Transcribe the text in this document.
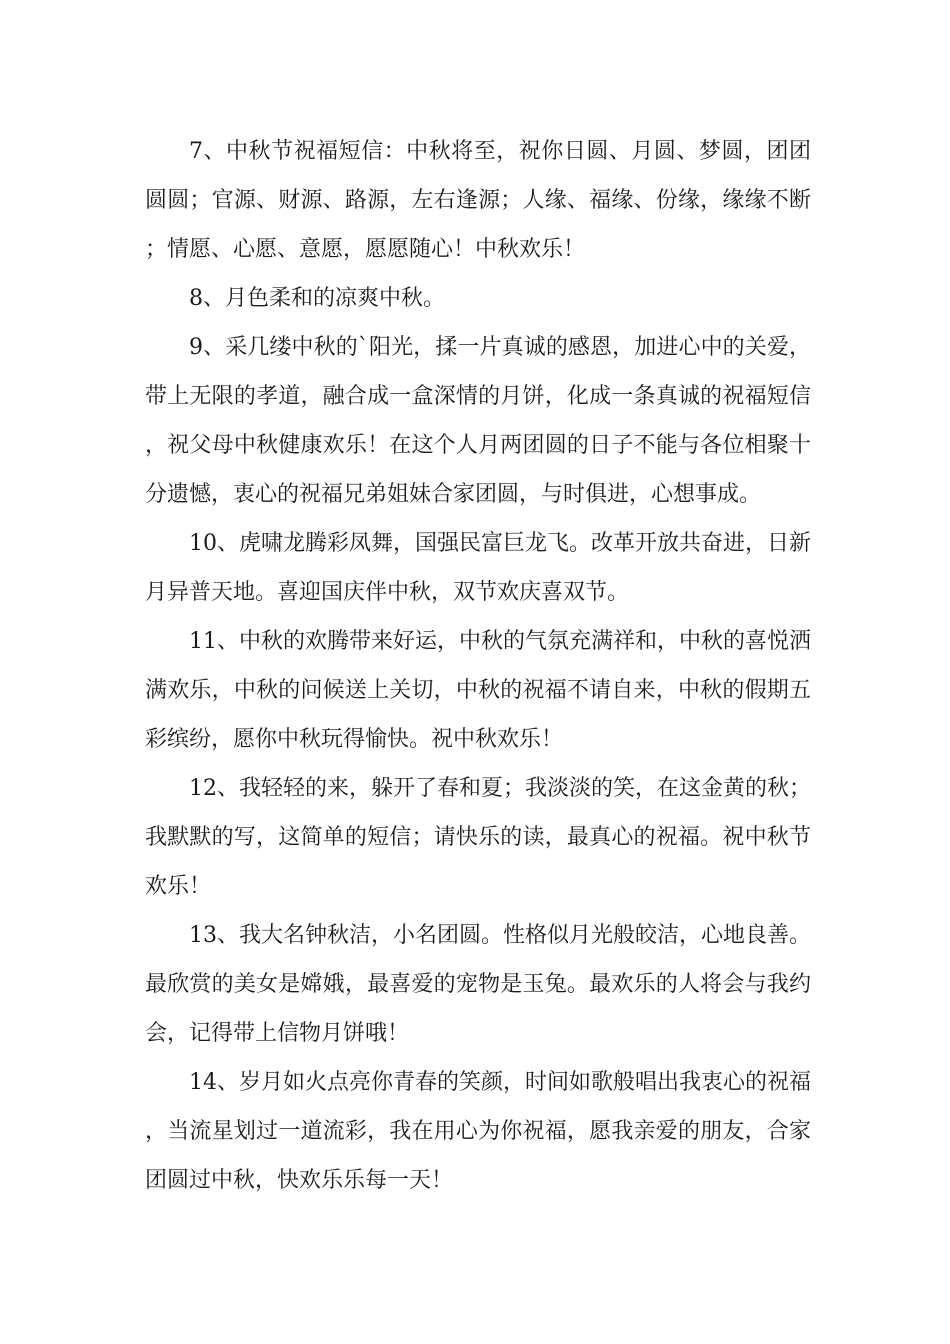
7、中秋节祝福短信：中秋将至，祝你日圆、月圆、梦圆，团团圆圆；官源、财源、路源，左右逢源；人缘、福缘、份缘，缘缘不断；情愿、心愿、意愿，愿愿随心！中秋欢乐！

8、月色柔和的凉爽中秋。

9、采几缕中秋的`阳光，揉一片真诚的感恩，加进心中的关爱，带上无限的孝道，融合成一盒深情的月饼，化成一条真诚的祝福短信，祝父母中秋健康欢乐！在这个人月两团圆的日子不能与各位相聚十分遗憾，衷心的祝福兄弟姐妹合家团圆，与时俱进，心想事成。

10、虎啸龙腾彩凤舞，国强民富巨龙飞。改革开放共奋进，日新月异普天地。喜迎国庆伴中秋，双节欢庆喜双节。

11、中秋的欢腾带来好运，中秋的气氛充满祥和，中秋的喜悦洒满欢乐，中秋的问候送上关切，中秋的祝福不请自来，中秋的假期五彩缤纷，愿你中秋玩得愉快。祝中秋欢乐！

12、我轻轻的来，躲开了春和夏；我淡淡的笑，在这金黄的秋；我默默的写，这简单的短信；请快乐的读，最真心的祝福。祝中秋节欢乐！

13、我大名钟秋洁，小名团圆。性格似月光般皎洁，心地良善。最欣赏的美女是嫦娥，最喜爱的宠物是玉兔。最欢乐的人将会与我约会，记得带上信物月饼哦！

14、岁月如火点亮你青春的笑颜，时间如歌般唱出我衷心的祝福，当流星划过一道流彩，我在用心为你祝福，愿我亲爱的朋友，合家团圆过中秋，快欢乐乐每一天！
